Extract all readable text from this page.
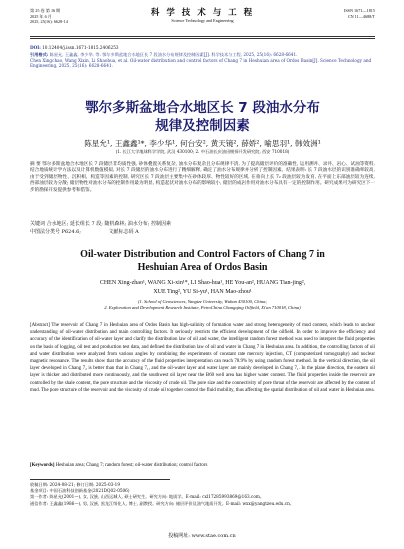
第 25 卷 第 16 期
2025 年 6 月
2025, 25(16): 6628-14
科 学 技 术 与 工 程
Science Technology and Engineering
ISSN 1671—1815
CN 11—4688/T
DOI: 10.12404/j.issn.1671-1815.2406253
引用格式: 陈星允, 王鑫鑫, 李少华, 等. 鄂尔多斯盆地合水地区长 7 段油水分布规律及控制因素[J]. 科学技术与工程, 2025, 25(16): 6628-6641.
Chen Xingchao, Wang Xixin, Li Shaohua, et al. Oil-water distribution and control factors of Chang 7 in Heshuian area of Ordos Basin[J]. Science Technology and Engineering, 2025, 25(16): 6628-6641.
鄂尔多斯盆地合水地区长 7 段油水分布
规律及控制因素
陈星允¹, 王鑫鑫¹*, 李少华¹, 何台安², 黄天镜², 薛娇², 喻思羽¹, 韩效洲¹
(1. 长江大学地球科学学院, 武汉 430100; 2. 中石油长庆油田勘探开发研究院, 西安 710018)
摘 要 鄂尔多斯盆地合水地区长 7 段储层非均质性强, 砂体叠置关系复杂, 油水分布复杂且分布规律不清, 为了提高储层评价的准确性, 运用测井、录井、岩心、试油等资料, 结合地质统计学方法以及计算机数值模拟, 对长 7 段储层的油水分布进行了精细解释, 确定了油水分布规律并分析了控制因素。结果表明: 长 7 段油水层的识别准确率较高, 由于受到储层物性、沉积相、构造等因素的控制, 研究区长 7 段油层主要集中在砂体较厚、物性较好的区域, 在垂向上长 7₂ 段油层较为发育, 在平面上东部油层较为连续, 西部油层较为分散; 储层物性对油水分布的控制作用最为明显, 构造起伏对油水分布的影响较小, 储层的成岩作用对油水分布具有一定的控制作用。研究成果可为研究区下一步的勘探开发提供参考和借鉴。
关键词 合水地区; 延长组长 7 段; 随机森林; 油水分布; 控制因素
中图法分类号 P624.6;	文献标志码 A
Oil-water Distribution and Control Factors of Chang 7 in
Heshuian Area of Ordos Basin
CHEN Xing-zhao¹, WANG Xi-xin¹*, LI Shao-hua¹, HE You-an², HUANG Tian-jing²,
XUE Ting², YU Si-yu¹, HAN Mao-zhou¹
(1. School of Geosciences, Yangtze University, Wuhan 430100, China;
2. Exploration and Development Research Institute, PetroChina Changqing Oilfield, Xi'an 710018, China)
[Abstract] The reservoir of Chang 7 in Heshuian area of Ordos Basin has high-salinity of formation water and strong heterogeneity of mud content, which leads to unclear understanding of oil-water distribution and main controlling factors. It seriously restricts the efficient development of the oilfield. In order to improve the efficiency and accuracy of the identification of oil-water layer and clarify the distribution law of oil and water, the intelligent random forest method was used to interpret the fluid properties on the basis of logging, oil test and production test data, and defined the distribution law of oil and water in Chang 7 in Heshuian area. In addition, the controlling factors of oil and water distribution were analyzed from various angles by combining the experiments of constant rate mercury injection, CT (computerized tomography) and nuclear magnetic resonance. The results show that the accuracy of the fluid properties interpretation can reach 78.9% by using random forest method. In the vertical direction, the oil layer developed in Chang 7₂ is better than that in Chang 7₁, and the oil-water layer and water layer are mainly developed in Chang 7₁. In the plane direction, the eastern oil layer is thicker and distributed more continuously, and the southwest oil layer near the B60 well area has higher water content. The fluid properties inside the reservoir are controlled by the shale content, the pore structure and the viscosity of crude oil. The pore size and the connectivity of pore throat of the reservoir are affected by the content of mud. The pore structure of the reservoir and the viscosity of crude oil together control the fluid mobility, thus affecting the spatial distribution of oil and water in Heshuian area.
[Keywords] Heshuian area; Chang 7; random forest; oil-water distribution; control factors
收稿日期: 2024-08-21; 修订日期: 2025-03-19
基金项目: 中国石油科技创新基金(2021DQ02-0506)
第一作者: 陈星允(2001—), 女, 汉族, 山西运城人, 硕士研究生。研究方向: 地质学。E-mail: cxl17285993869@163.com。
通信作者: 王鑫鑫(1986—), 男, 汉族, 黑龙江绥化人, 博士, 副教授。研究方向: 储层评价及油气地质开发。E-mail: wxx@yangtzeu.edu.cn。
投稿网址: www.stae.com.cn
